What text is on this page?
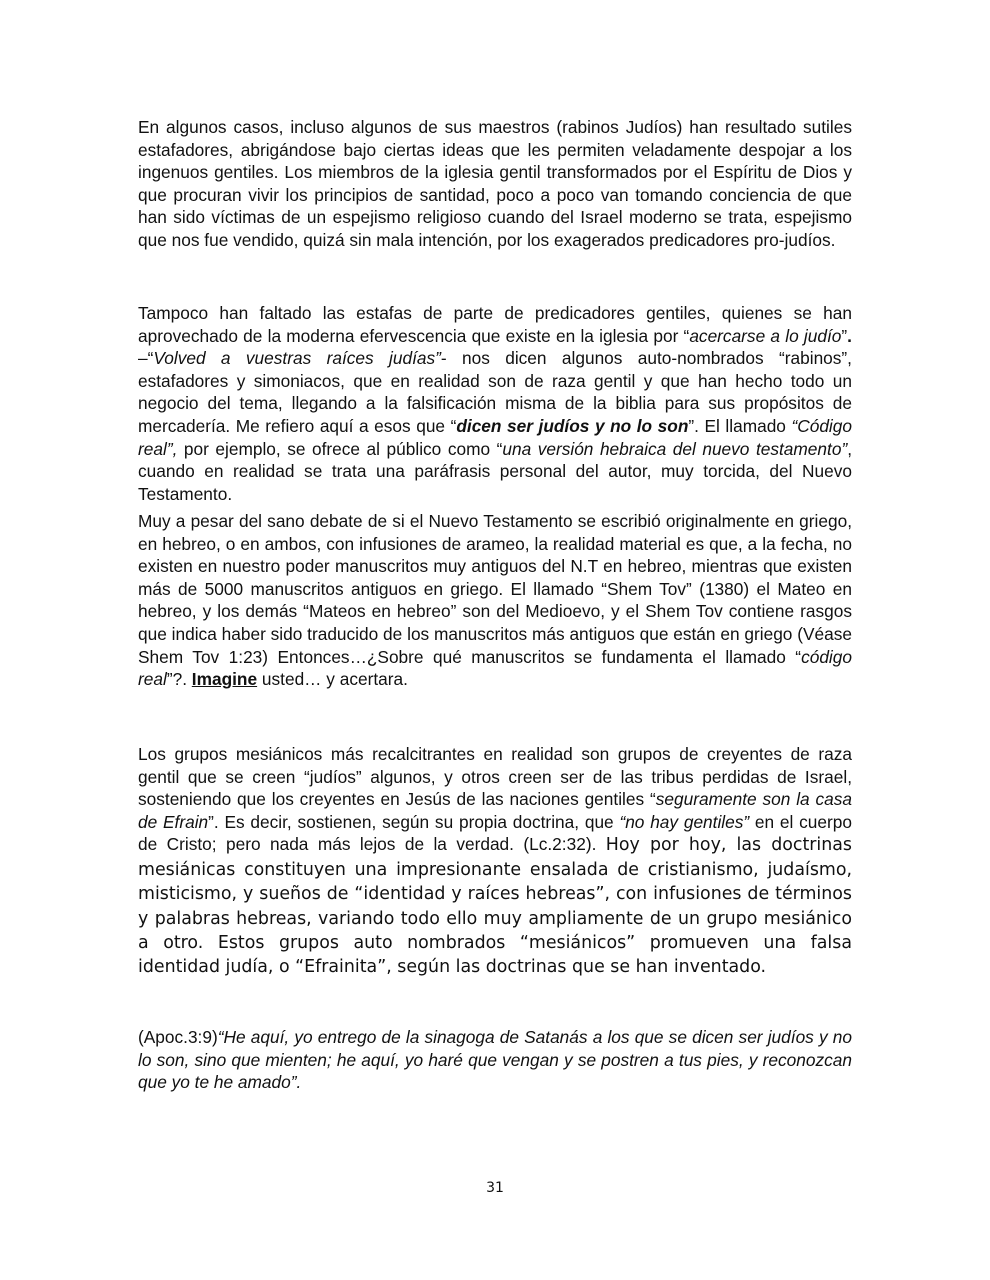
En algunos casos, incluso algunos de sus maestros (rabinos Judíos) han resultado sutiles estafadores, abrigándose bajo ciertas ideas que les permiten veladamente despojar a los ingenuos gentiles. Los miembros de la iglesia gentil transformados por el Espíritu de Dios y que procuran vivir los principios de santidad, poco a poco van tomando conciencia de que han sido víctimas de un espejismo religioso cuando del Israel moderno se trata, espejismo que nos fue vendido, quizá sin mala intención, por los exagerados predicadores pro-judíos.

Tampoco han faltado las estafas de parte de predicadores gentiles, quienes se han aprovechado de la moderna efervescencia que existe en la iglesia por “acercarse a lo judío”. –“Volved a vuestras raíces judías”- nos dicen algunos auto-nombrados “rabinos”, estafadores y simoniacos, que en realidad son de raza gentil y que han hecho todo un negocio del tema, llegando a la falsificación misma de la biblia para sus propósitos de mercadería. Me refiero aquí a esos que “dicen ser judíos y no lo son”. El llamado “Código real”, por ejemplo, se ofrece al público como “una versión hebraica del nuevo testamento”, cuando en realidad se trata una paráfrasis personal del autor, muy torcida, del Nuevo Testamento.

Muy a pesar del sano debate de si el Nuevo Testamento se escribió originalmente en griego, en hebreo, o en ambos, con infusiones de arameo, la realidad material es que, a la fecha, no existen en nuestro poder manuscritos muy antiguos del N.T en hebreo, mientras que existen más de 5000 manuscritos antiguos en griego. El llamado “Shem Tov” (1380) el Mateo en hebreo, y los demás “Mateos en hebreo” son del Medioevo, y el Shem Tov contiene rasgos que indica haber sido traducido de los manuscritos más antiguos que están en griego (Véase Shem Tov 1:23) Entonces…¿Sobre qué manuscritos se fundamenta el llamado “código real”?. Imagine usted… y acertara.

Los grupos mesiánicos más recalcitrantes en realidad son grupos de creyentes de raza gentil que se creen “judíos” algunos, y otros creen ser de las tribus perdidas de Israel, sosteniendo que los creyentes en Jesús de las naciones gentiles “seguramente son la casa de Efrain”. Es decir, sostienen, según su propia doctrina, que “no hay gentiles” en el cuerpo de Cristo; pero nada más lejos de la verdad. (Lc.2:32). Hoy por hoy, las doctrinas mesiánicas constituyen una impresionante ensalada de cristianismo, judaísmo, misticismo, y sueños de “identidad y raíces hebreas”, con infusiones de términos y palabras hebreas, variando todo ello muy ampliamente de un grupo mesiánico a otro. Estos grupos auto nombrados “mesiánicos” promueven una falsa identidad judía, o “Efrainita”, según las doctrinas que se han inventado.

(Apoc.3:9)“He aquí, yo entrego de la sinagoga de Satanás a los que se dicen ser judíos y no lo son, sino que mienten; he aquí, yo haré que vengan y se postren a tus pies, y reconozcan que yo te he amado”.

31
